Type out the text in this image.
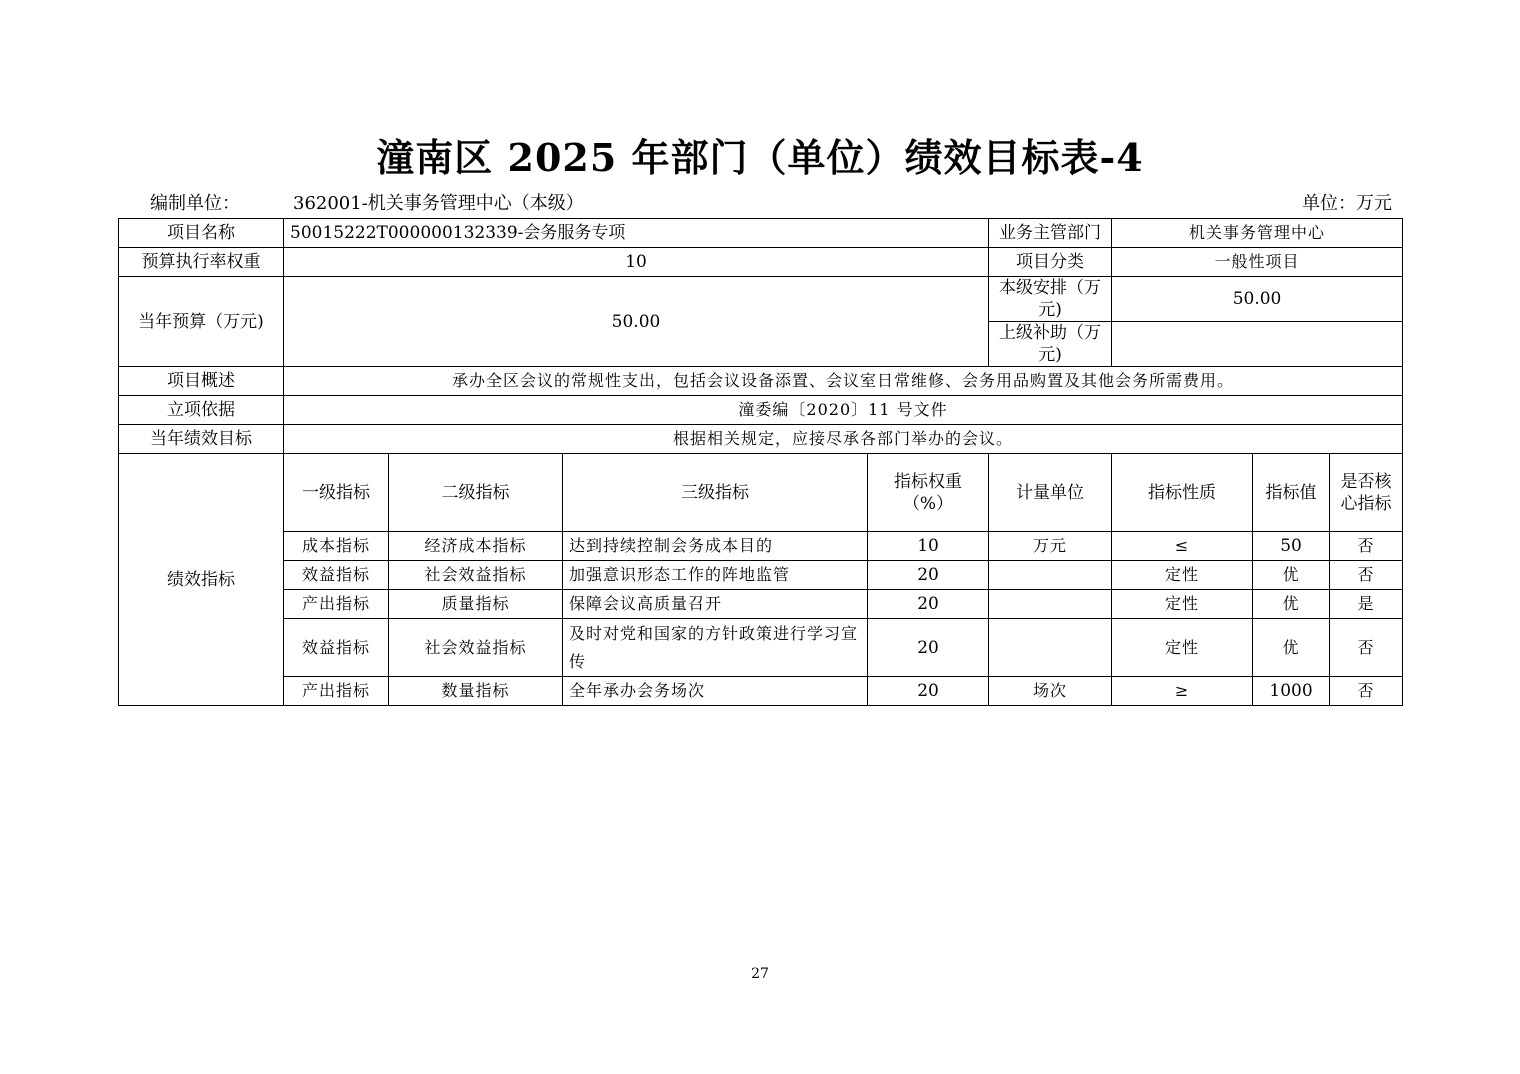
潼南区 2025 年部门（单位）绩效目标表-4
编制单位：	362001-机关事务管理中心（本级）	单位：万元
项目名称	50015222T000000132339-会务服务专项				业务主管部门	机关事务管理中心		
预算执行率权重	10				项目分类	一般性项目		
当年预算（万元)	50.00				本级安排（万元)	50.00		
					上级补助（万元)			
项目概述	承办全区会议的常规性支出，包括会议设备添置、会议室日常维修、会务用品购置及其他会务所需费用。							
立项依据	潼委编〔2020〕11 号文件							
当年绩效目标	根据相关规定，应接尽承各部门举办的会议。							
绩效指标	一级指标	二级指标	三级指标	指标权重（%）	计量单位	指标性质	指标值	是否核心指标
	成本指标	经济成本指标	达到持续控制会务成本目的	10	万元	≤	50	否
	效益指标	社会效益指标	加强意识形态工作的阵地监管	20		定性	优	否
	产出指标	质量指标	保障会议高质量召开	20		定性	优	是
	效益指标	社会效益指标	及时对党和国家的方针政策进行学习宣传	20		定性	优	否
	产出指标	数量指标	全年承办会务场次	20	场次	≥	1000	否
27
